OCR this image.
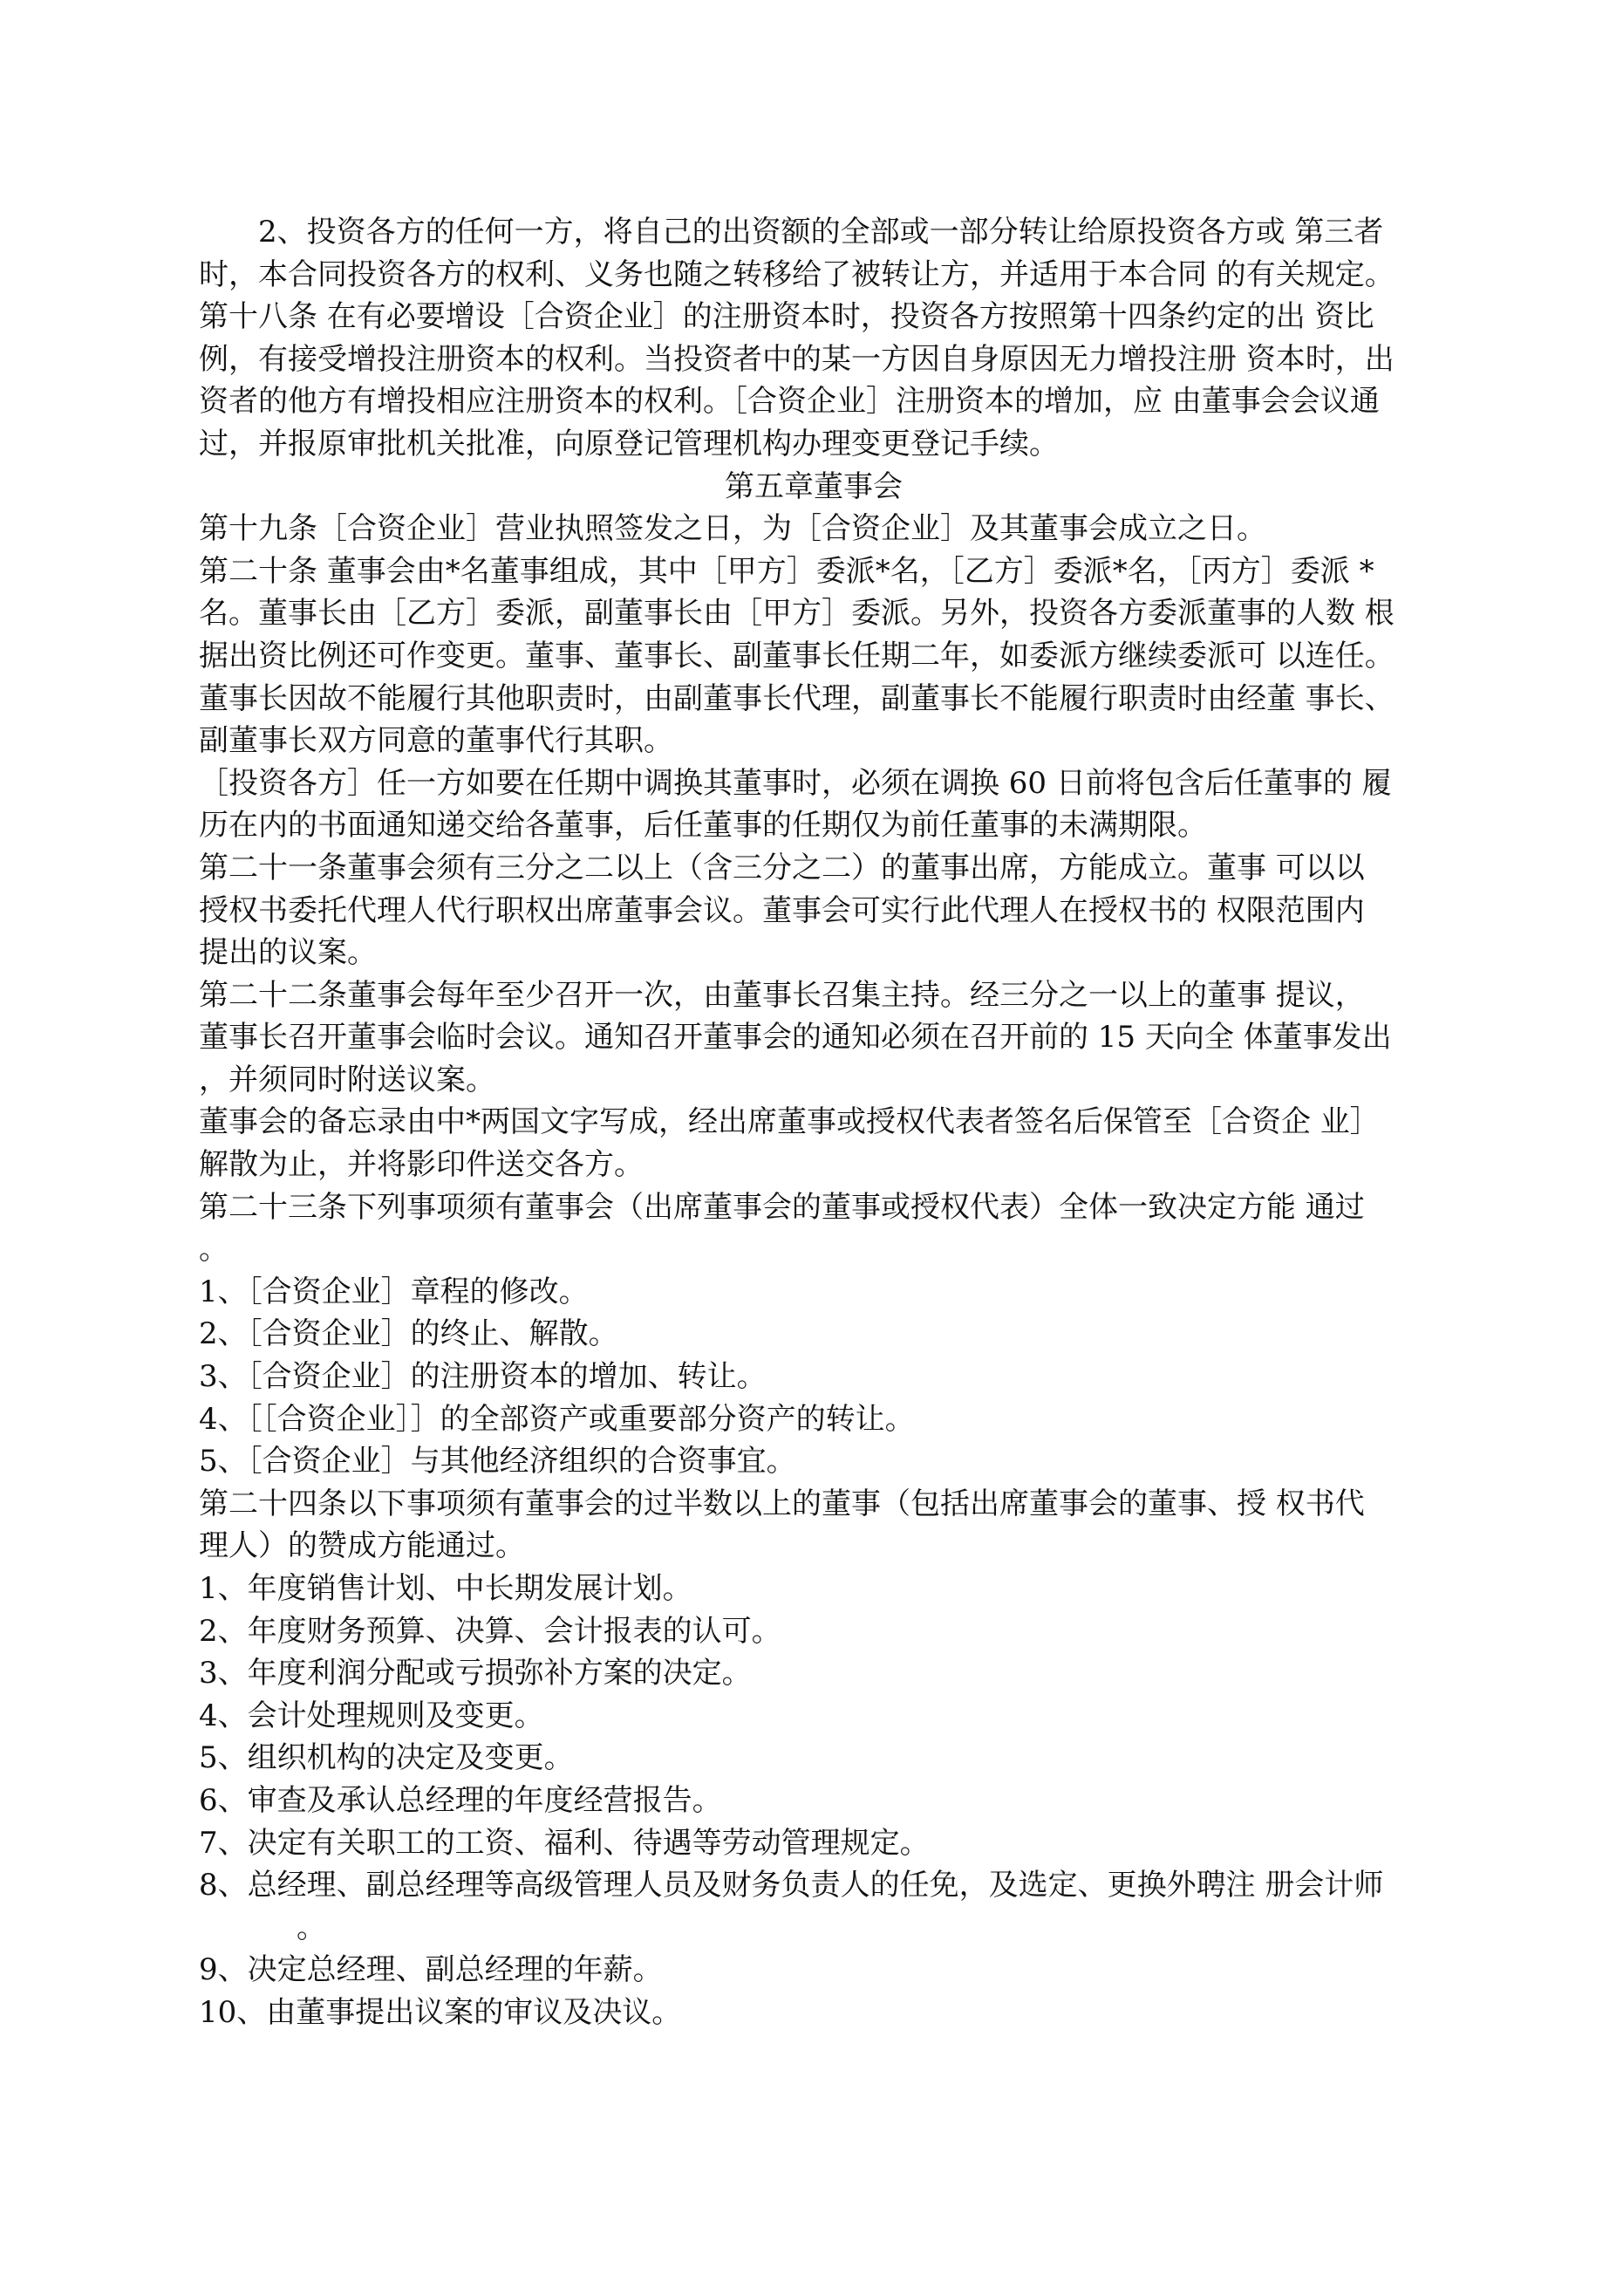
2、投资各方的任何一方，将自己的出资额的全部或一部分转让给原投资各方或 第三者
时，本合同投资各方的权利、义务也随之转移给了被转让方，并适用于本合同 的有关规定。
第十八条 在有必要增设［合资企业］的注册资本时，投资各方按照第十四条约定的出 资比
例，有接受增投注册资本的权利。当投资者中的某一方因自身原因无力增投注册 资本时，出
资者的他方有增投相应注册资本的权利。［合资企业］注册资本的增加，应 由董事会会议通
过，并报原审批机关批准，向原登记管理机构办理变更登记手续。
第五章董事会
第十九条［合资企业］营业执照签发之日，为［合资企业］及其董事会成立之日。
第二十条 董事会由*名董事组成，其中［甲方］委派*名，［乙方］委派*名，［丙方］委派 *
名。董事长由［乙方］委派，副董事长由［甲方］委派。另外，投资各方委派董事的人数 根
据出资比例还可作变更。董事、董事长、副董事长任期二年，如委派方继续委派可 以连任。
董事长因故不能履行其他职责时，由副董事长代理，副董事长不能履行职责时由经董 事长、
副董事长双方同意的董事代行其职。
［投资各方］任一方如要在任期中调换其董事时，必须在调换 60 日前将包含后任董事的 履
历在内的书面通知递交给各董事，后任董事的任期仅为前任董事的未满期限。
第二十一条董事会须有三分之二以上（含三分之二）的董事出席，方能成立。董事 可以以
授权书委托代理人代行职权出席董事会议。董事会可实行此代理人在授权书的 权限范围内
提出的议案。
第二十二条董事会每年至少召开一次，由董事长召集主持。经三分之一以上的董事 提议，
董事长召开董事会临时会议。通知召开董事会的通知必须在召开前的 15 天向全 体董事发出
，并须同时附送议案。
董事会的备忘录由中*两国文字写成，经出席董事或授权代表者签名后保管至［合资企 业］
解散为止，并将影印件送交各方。
第二十三条下列事项须有董事会（出席董事会的董事或授权代表）全体一致决定方能 通过
。
1、［合资企业］章程的修改。
2、［合资企业］的终止、解散。
3、［合资企业］的注册资本的增加、转让。
4、［［合资企业］］的全部资产或重要部分资产的转让。
5、［合资企业］与其他经济组织的合资事宜。
第二十四条以下事项须有董事会的过半数以上的董事（包括出席董事会的董事、授 权书代
理人）的赞成方能通过。
1、年度销售计划、中长期发展计划。
2、年度财务预算、决算、会计报表的认可。
3、年度利润分配或亏损弥补方案的决定。
4、会计处理规则及变更。
5、组织机构的决定及变更。
6、审查及承认总经理的年度经营报告。
7、决定有关职工的工资、福利、待遇等劳动管理规定。
8、总经理、副总经理等高级管理人员及财务负责人的任免，及选定、更换外聘注 册会计师
。
9、决定总经理、副总经理的年薪。
10、由董事提出议案的审议及决议。
